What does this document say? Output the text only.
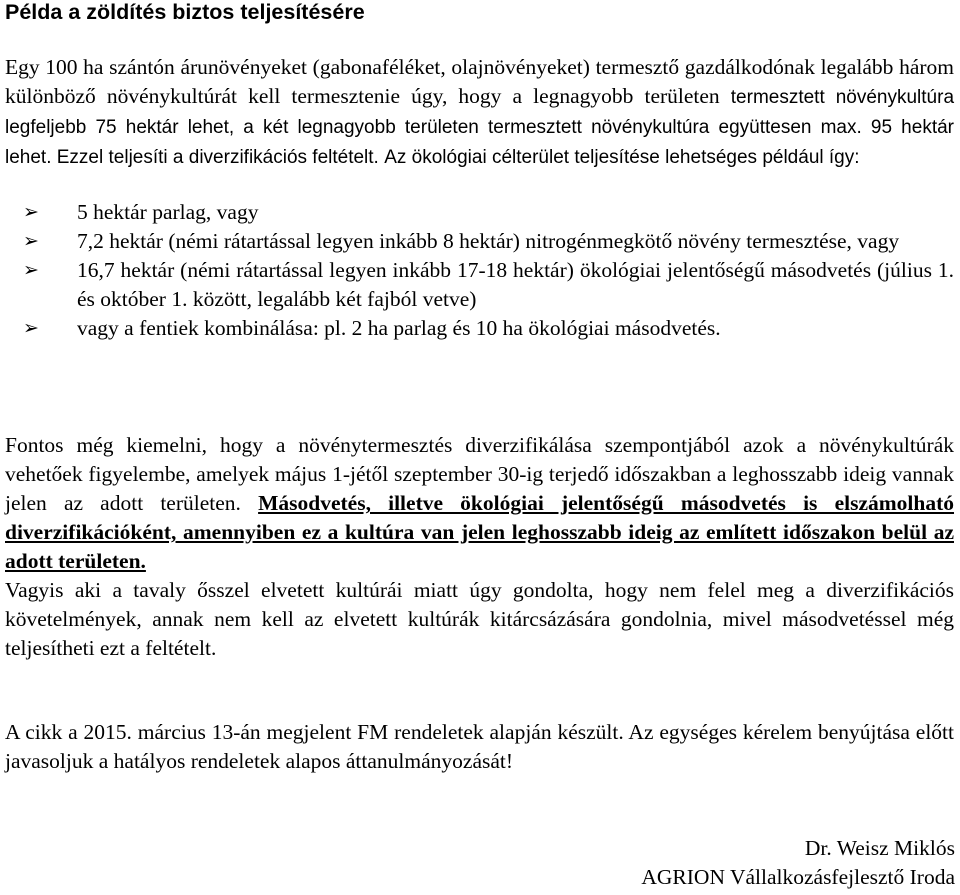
Példa a zöldítés biztos teljesítésére

Egy 100 ha szántón árunövényeket (gabonaféléket, olajnövényeket) termesztő gazdálkodónak legalább három különböző növénykultúrát kell termesztenie úgy, hogy a legnagyobb területen termesztett növénykultúra legfeljebb 75 hektár lehet, a két legnagyobb területen termesztett növénykultúra együttesen max. 95 hektár lehet. Ezzel teljesíti a diverzifikációs feltételt. Az ökológiai célterület teljesítése lehetséges például így:

➢ 5 hektár parlag, vagy
➢ 7,2 hektár (némi rátartással legyen inkább 8 hektár) nitrogénmegkötő növény termesztése, vagy
➢ 16,7 hektár (némi rátartással legyen inkább 17-18 hektár) ökológiai jelentőségű másodvetés (július 1. és október 1. között, legalább két fajból vetve)
➢ vagy a fentiek kombinálása: pl. 2 ha parlag és 10 ha ökológiai másodvetés.

Fontos még kiemelni, hogy a növénytermesztés diverzifikálása szempontjából azok a növénykultúrák vehetőek figyelembe, amelyek május 1-jétől szeptember 30-ig terjedő időszakban a leghosszabb ideig vannak jelen az adott területen. Másodvetés, illetve ökológiai jelentőségű másodvetés is elszámolható diverzifikációként, amennyiben ez a kultúra van jelen leghosszabb ideig az említett időszakon belül az adott területen.

Vagyis aki a tavaly ősszel elvetett kultúrái miatt úgy gondolta, hogy nem felel meg a diverzifikációs követelmények, annak nem kell az elvetett kultúrák kitárcsázására gondolnia, mivel másodvetéssel még teljesítheti ezt a feltételt.

A cikk a 2015. március 13-án megjelent FM rendeletek alapján készült. Az egységes kérelem benyújtása előtt javasoljuk a hatályos rendeletek alapos áttanulmányozását!

Dr. Weisz Miklós
AGRION Vállalkozásfejlesztő Iroda
